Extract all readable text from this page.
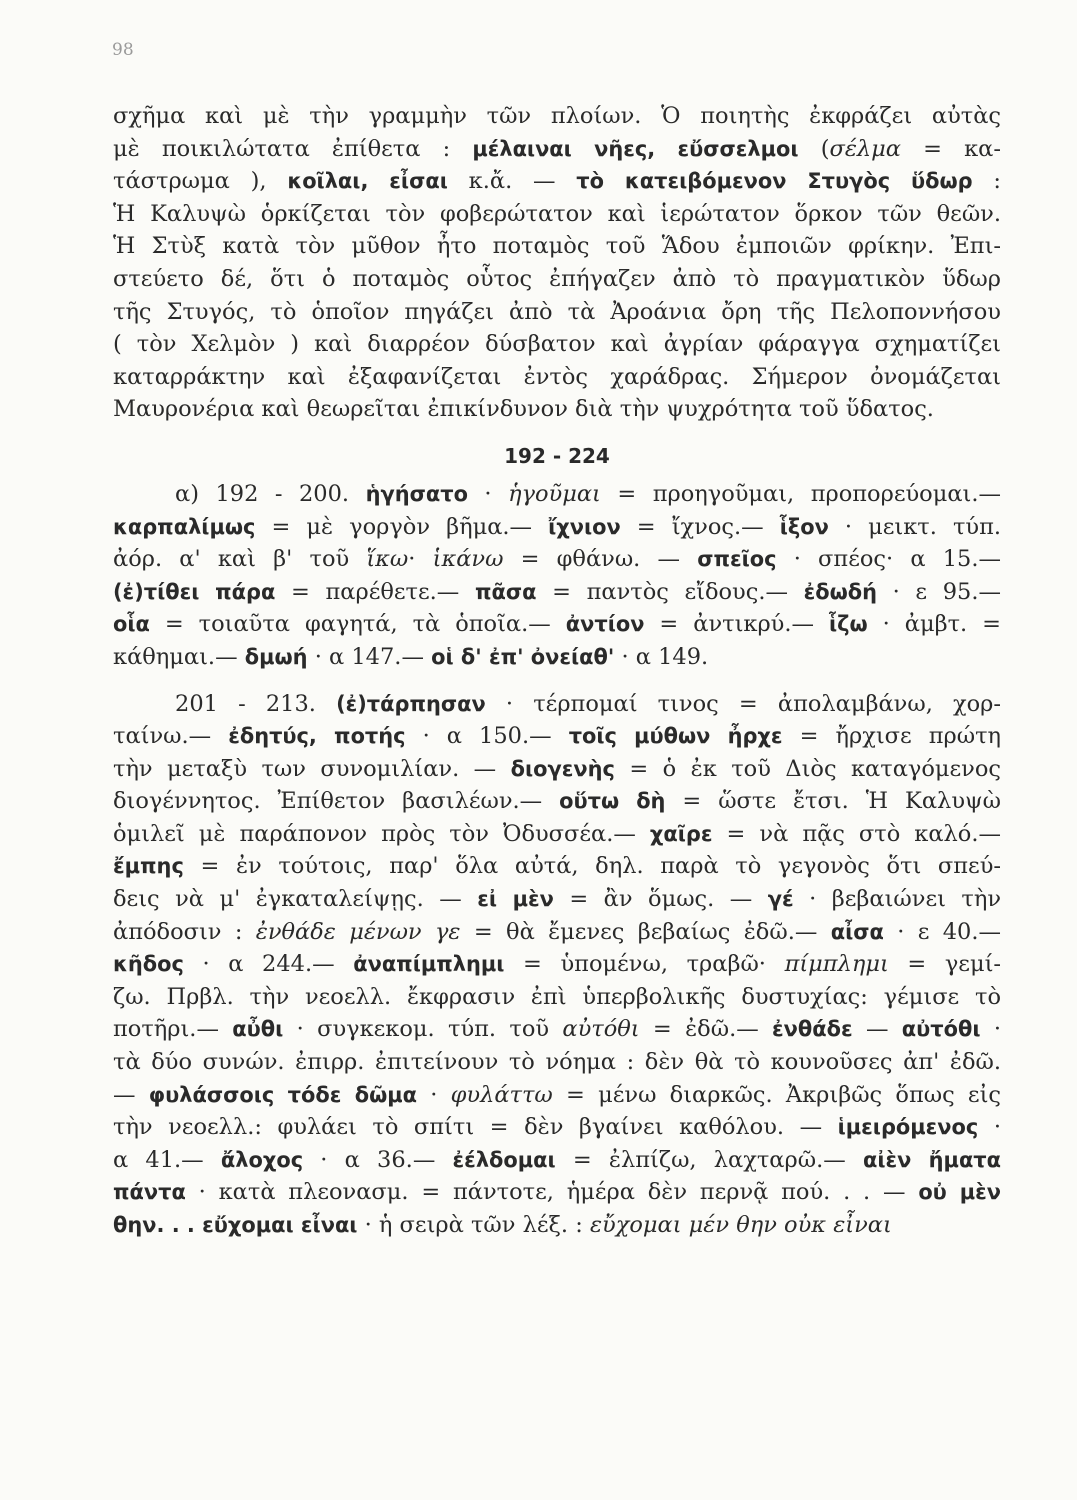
98
σχῆμα καὶ μὲ τὴν γραμμὴν τῶν πλοίων. Ὁ ποιητὴς ἐκφράζει αὐτὰς
μὲ ποικιλώτατα ἐπίθετα : μέλαιναι νῆες, εὔσσελμοι (σέλμα = κα-
τάστρωμα ), κοῖλαι, εἶσαι κ.ἄ. — τὸ κατειβόμενον Στυγὸς ὕδωρ :
Ἡ Καλυψὼ ὁρκίζεται τὸν φοβερώτατον καὶ ἱερώτατον ὅρκον τῶν θεῶν.
Ἡ Στὺξ κατὰ τὸν μῦθον ἦτο ποταμὸς τοῦ Ἅδου ἐμποιῶν φρίκην. Ἐπι-
στεύετο δέ, ὅτι ὁ ποταμὸς οὗτος ἐπήγαζεν ἀπὸ τὸ πραγματικὸν ὕδωρ
τῆς Στυγός, τὸ ὁποῖον πηγάζει ἀπὸ τὰ Ἀροάνια ὄρη τῆς Πελοποννήσου
( τὸν Χελμὸν ) καὶ διαρρέον δύσβατον καὶ ἀγρίαν φάραγγα σχηματίζει
καταρράκτην καὶ ἐξαφανίζεται ἐντὸς χαράδρας. Σήμερον ὀνομάζεται
Μαυρονέρια καὶ θεωρεῖται ἐπικίνδυνον διὰ τὴν ψυχρότητα τοῦ ὕδατος.
192 - 224
α) 192 - 200. ἡγήσατο · ἡγοῦμαι = προηγοῦμαι, προπορεύομαι.—
καρπαλίμως = μὲ γοργὸν βῆμα.— ἴχνιον = ἴχνος.— ἷξον · μεικτ. τύπ.
ἀόρ. α' καὶ β' τοῦ ἵκω· ἱκάνω = φθάνω. — σπεῖος · σπέος· α 15.—
(ἐ)τίθει πάρα = παρέθετε.— πᾶσα = παντὸς εἴδους.— ἐδωδή · ε 95.—
οἷα = τοιαῦτα φαγητά, τὰ ὁποῖα.— ἀντίον = ἀντικρύ.— ἷζω · ἀμβτ. =
κάθημαι.— δμωή · α 147.— οἱ δ' ἐπ' ὀνείαθ' · α 149.
201 - 213. (ἐ)τάρπησαν · τέρπομαί τινος = ἀπολαμβάνω, χορ-
ταίνω.— ἐδητύς, ποτής · α 150.— τοῖς μύθων ἦρχε = ἤρχισε πρώτη
τὴν μεταξὺ των συνομιλίαν. — διογενὴς = ὁ ἐκ τοῦ Διὸς καταγόμενος
διογέννητος. Ἐπίθετον βασιλέων.— οὕτω δὴ = ὥστε ἔτσι. Ἡ Καλυψὼ
ὁμιλεῖ μὲ παράπονον πρὸς τὸν Ὀδυσσέα.— χαῖρε = νὰ πᾷς στὸ καλό.—
ἔμπης = ἐν τούτοις, παρ' ὅλα αὐτά, δηλ. παρὰ τὸ γεγονὸς ὅτι σπεύ-
δεις νὰ μ' ἐγκαταλείψῃς. — εἰ μὲν = ἂν ὅμως. — γέ · βεβαιώνει τὴν
ἀπόδοσιν : ἐνθάδε μένων γε = θὰ ἔμενες βεβαίως ἐδῶ.— αἶσα · ε 40.—
κῆδος · α 244.— ἀναπίμπλημι = ὑπομένω, τραβῶ· πίμπλημι = γεμί-
ζω. Πρβλ. τὴν νεοελλ. ἔκφρασιν ἐπὶ ὑπερβολικῆς δυστυχίας: γέμισε τὸ
ποτῆρι.— αὖθι · συγκεκομ. τύπ. τοῦ αὐτόθι = ἐδῶ.— ἐνθάδε — αὐτόθι ·
τὰ δύο συνών. ἐπιρρ. ἐπιτείνουν τὸ νόημα : δὲν θὰ τὸ κουνοῦσες ἀπ' ἐδῶ.
— φυλάσσοις τόδε δῶμα · φυλάττω = μένω διαρκῶς. Ἀκριβῶς ὅπως εἰς
τὴν νεοελλ.: φυλάει τὸ σπίτι = δὲν βγαίνει καθόλου. — ἱμειρόμενος ·
α 41.— ἄλοχος · α 36.— ἐέλδομαι = ἐλπίζω, λαχταρῶ.— αἰὲν ἤματα
πάντα · κατὰ πλεονασμ. = πάντοτε, ἡμέρα δὲν περνᾷ πού. . . — οὐ μὲν
θην. . . εὔχομαι εἶναι · ἡ σειρὰ τῶν λέξ. : εὔχομαι μέν θην οὐκ εἶναι
